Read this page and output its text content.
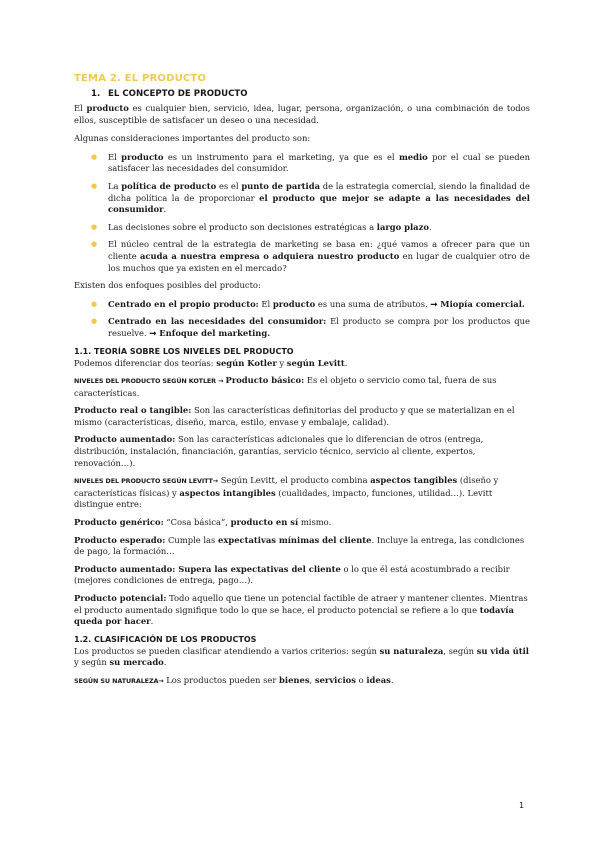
TEMA 2. EL PRODUCTO

1. EL CONCEPTO DE PRODUCTO

El producto es cualquier bien, servicio, idea, lugar, persona, organización, o una combinación de todos ellos, susceptible de satisfacer un deseo o una necesidad.

Algunas consideraciones importantes del producto son:

● El producto es un instrumento para el marketing, ya que es el medio por el cual se pueden satisfacer las necesidades del consumidor.
● La política de producto es el punto de partida de la estrategia comercial, siendo la finalidad de dicha política la de proporcionar el producto que mejor se adapte a las necesidades del consumidor.
● Las decisiones sobre el producto son decisiones estratégicas a largo plazo.
● El núcleo central de la estrategia de marketing se basa en: ¿qué vamos a ofrecer para que un cliente acuda a nuestra empresa o adquiera nuestro producto en lugar de cualquier otro de los muchos que ya existen en el mercado?

Existen dos enfoques posibles del producto:

● Centrado en el propio producto: El producto es una suma de atributos. ➞ Miopía comercial.
● Centrado en las necesidades del consumidor: El producto se compra por los productos que resuelve. ➞ Enfoque del marketing.

1.1. TEORÍA SOBRE LOS NIVELES DEL PRODUCTO

Podemos diferenciar dos teorías: según Kotler y según Levitt.

NIVELES DEL PRODUCTO SEGÚN KOTLER → Producto básico: Es el objeto o servicio como tal, fuera de sus características.

Producto real o tangible: Son las características definitorias del producto y que se materializan en el mismo (características, diseño, marca, estilo, envase y embalaje, calidad).

Producto aumentado: Son las características adicionales que lo diferencian de otros (entrega, distribución, instalación, financiación, garantías, servicio técnico, servicio al cliente, expertos, renovación…).

NIVELES DEL PRODUCTO SEGÚN LEVITT→ Según Levitt, el producto combina aspectos tangibles (diseño y características físicas) y aspectos intangibles (cualidades, impacto, funciones, utilidad…). Levitt distingue entre:

Producto genérico: “Cosa básica”, producto en sí mismo.

Producto esperado: Cumple las expectativas mínimas del cliente. Incluye la entrega, las condiciones de pago, la formación…

Producto aumentado: Supera las expectativas del cliente o lo que él está acostumbrado a recibir (mejores condiciones de entrega, pago…).

Producto potencial: Todo aquello que tiene un potencial factible de atraer y mantener clientes. Mientras el producto aumentado signifique todo lo que se hace, el producto potencial se refiere a lo que todavía queda por hacer.

1.2. CLASIFICACIÓN DE LOS PRODUCTOS

Los productos se pueden clasificar atendiendo a varios criterios: según su naturaleza, según su vida útil y según su mercado.

SEGÚN SU NATURALEZA→ Los productos pueden ser bienes, servicios o ideas.

1
